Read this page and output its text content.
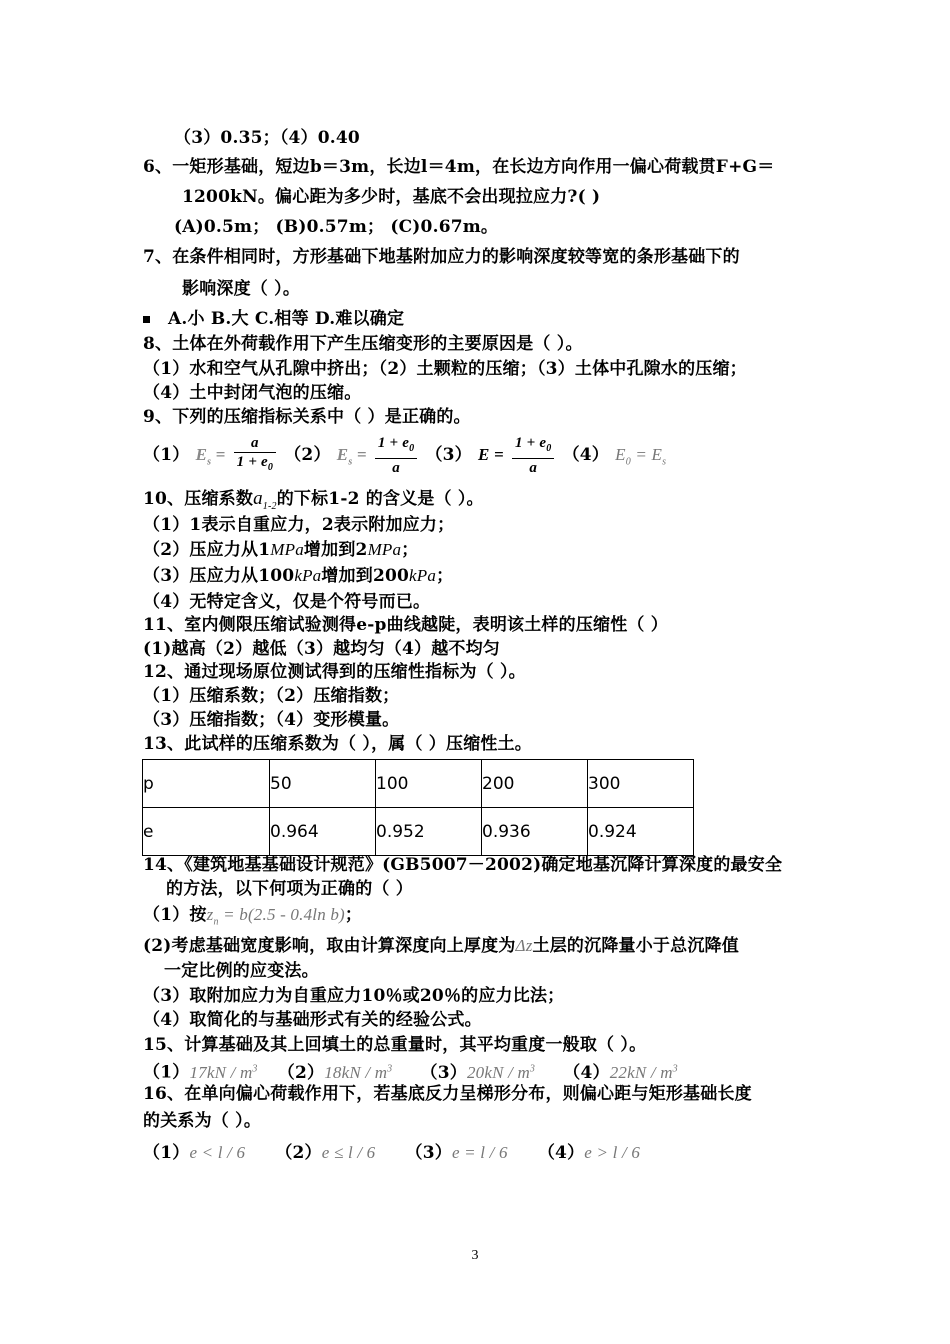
（3）0.35；（4）0.40
6、一矩形基础，短边b＝3m，长边l＝4m，在长边方向作用一偏心荷载贯F+G＝
1200kN。偏心距为多少时，基底不会出现拉应力?( )
(A)0.5m； (B)0.57m； (C)0.67m。
7、在条件相同时，方形基础下地基附加应力的影响深度较等宽的条形基础下的
影响深度（ ）。
A.小 B.大 C.相等 D.难以确定
8、土体在外荷载作用下产生压缩变形的主要原因是（ ）。
（1）水和空气从孔隙中挤出；（2）土颗粒的压缩；（3）土体中孔隙水的压缩；
（4）土中封闭气泡的压缩。
9、下列的压缩指标关系中（ ）是正确的。
（1） $E_s = \frac{a}{1 + e_0} (2) E_s = \frac{1 + e_0}{a} (3) E = \frac{1 + e_0}{a} (4) E_0 = E_s$
10、压缩系数$a_{1-2}$的下标1-2 的含义是（ ）。
（1）1表示自重应力，2表示附加应力；
（2）压应力从1MPa增加到2MPa；
（3）压应力从100kPa增加到200kPa；
（4）无特定含义，仅是个符号而已。
11、室内侧限压缩试验测得e-p曲线越陡，表明该土样的压缩性（ ）
(1)越高（2）越低（3）越均匀（4）越不均匀
12、通过现场原位测试得到的压缩性指标为（ ）。
（1）压缩系数；（2）压缩指数；
（3）压缩指数；（4）变形模量。
13、此试样的压缩系数为（ ），属（ ）压缩性土。
p	50	100	200	300
e	0.964	0.952	0.936	0.924
14、《建筑地基基础设计规范》(GB5007－2002)确定地基沉降计算深度的最安全
的方法，以下何项为正确的（ ）
（1）按$z_n = b(2.5 - 0.4\ln$ b)；
(2)考虑基础宽度影响，取由计算深度向上厚度为Δz土层的沉降量小于总沉降值
一定比例的应变法。
（3）取附加应力为自重应力10％或20％的应力比法；
（4）取简化的与基础形式有关的经验公式。
15、计算基础及其上回填土的总重量时，其平均重度一般取（ ）。
$(1)17kN / m^3$ $(2)18kN / m^3$ $(3)20kN / m^3$ $(4)22kN / m^3$
16、在单向偏心荷载作用下，若基底反力呈梯形分布，则偏心距与矩形基础长度
的关系为（ ）。
（1）e < l / 6 （2）e ≤ l / 6 （3）e = l / 6 （4）e > l / 6
3
